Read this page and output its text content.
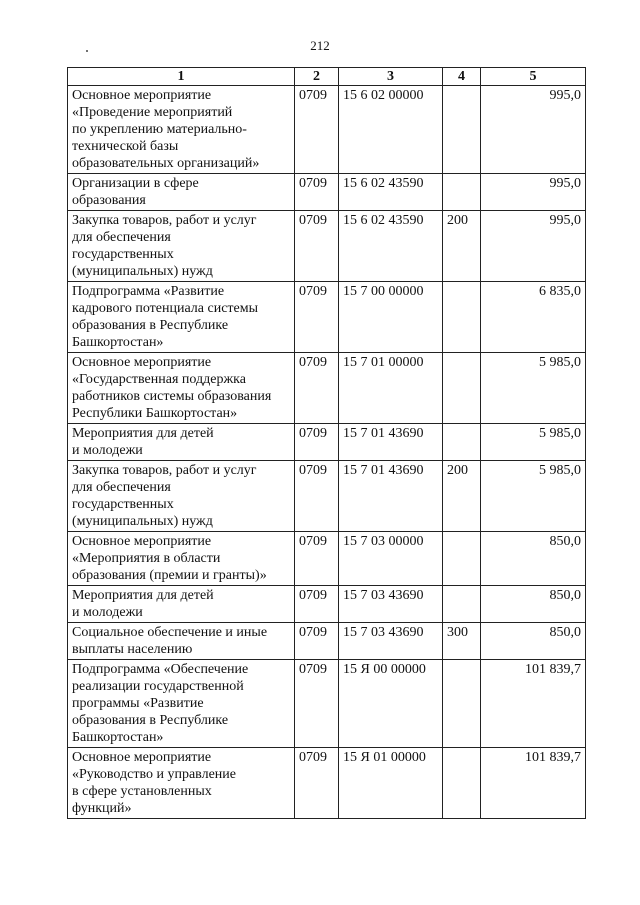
212
1	2	3	4	5
Основное мероприятие
«Проведение мероприятий
по укреплению материально-
технической базы
образовательных организаций»	0709	15 6 02 00000		995,0
Организации в сфере
образования	0709	15 6 02 43590		995,0
Закупка товаров, работ и услуг
для обеспечения
государственных
(муниципальных) нужд	0709	15 6 02 43590	200	995,0
Подпрограмма «Развитие
кадрового потенциала системы
образования в Республике
Башкортостан»	0709	15 7 00 00000		6 835,0
Основное мероприятие
«Государственная поддержка
работников системы образования
Республики Башкортостан»	0709	15 7 01 00000		5 985,0
Мероприятия для детей
и молодежи	0709	15 7 01 43690		5 985,0
Закупка товаров, работ и услуг
для обеспечения
государственных
(муниципальных) нужд	0709	15 7 01 43690	200	5 985,0
Основное мероприятие
«Мероприятия в области
образования (премии и гранты)»	0709	15 7 03 00000		850,0
Мероприятия для детей
и молодежи	0709	15 7 03 43690		850,0
Социальное обеспечение и иные
выплаты населению	0709	15 7 03 43690	300	850,0
Подпрограмма «Обеспечение
реализации государственной
программы «Развитие
образования в Республике
Башкортостан»	0709	15 Я 00 00000		101 839,7
Основное мероприятие
«Руководство и управление
в сфере установленных
функций»	0709	15 Я 01 00000		101 839,7
